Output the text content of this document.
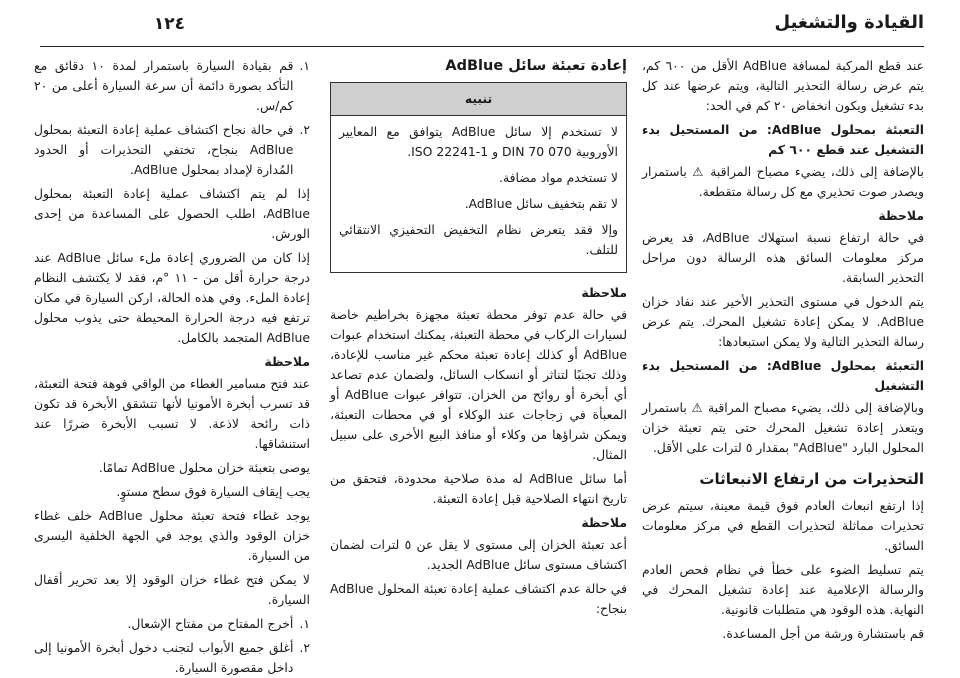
١٢٤	القيادة والتشغيل

عند قطع المركبة لمسافة AdBlue الأقل من ٦٠٠ كم، يتم عرض رسالة التحذير التالية، ويتم عرضها عند كل بدء تشغيل ويكون انخفاض ٢٠ كم في الحد:

التعبئة بمحلول AdBlue: من المستحيل بدء التشغيل عند قطع ٦٠٠ كم

بالإضافة إلى ذلك، يضيء مصباح المراقبة ⚠ باستمرار ويصدر صوت تحذيري مع كل رسالة متقطعة.

ملاحظة

في حالة ارتفاع نسبة استهلاك AdBlue، قد يعرض مركز معلومات السائق هذه الرسالة دون مراحل التحذير السابقة.

يتم الدخول في مستوى التحذير الأخير عند نفاد خزان AdBlue. لا يمكن إعادة تشغيل المحرك. يتم عرض رسالة التحذير التالية ولا يمكن استبعادها:

التعبئة بمحلول AdBlue: من المستحيل بدء التشغيل

وبالإضافة إلى ذلك، يضيء مصباح المراقبة ⚠ باستمرار ويتعذر إعادة تشغيل المحرك حتى يتم تعبئة خزان المحلول البارد "AdBlue" بمقدار ٥ لترات على الأقل.

التحذيرات من ارتفاع الانبعاثات

إذا ارتفع انبعاث العادم فوق قيمة معينة، سيتم عرض تحذيرات مماثلة لتحذيرات القطع في مركز معلومات السائق.

يتم تسليط الضوء على خطأ في نظام فحص العادم والرسالة الإعلامية عند إعادة تشغيل المحرك في النهاية. هذه الوقود هي متطلبات قانونية.

قم باستشارة ورشة من أجل المساعدة.

إعادة تعبئة سائل AdBlue
تنبيه

لا تستخدم إلا سائل AdBlue يتوافق مع المعايير الأوروبية DIN 70 070 و ISO 22241-1.

لا تستخدم مواد مضافة.

لا تقم بتخفيف سائل AdBlue.

وإلا فقد يتعرض نظام التخفيض التحفيزي الانتقائي للتلف.

ملاحظة

في حالة عدم توفر محطة تعبئة مجهزة بخراطيم خاصة لسيارات الركاب في محطة التعبئة، يمكنك استخدام عبوات AdBlue أو كذلك إعادة تعبئة محكم غير مناسب للإعادة، وذلك تجنبًا لتناثر أو انسكاب السائل، ولضمان عدم تصاعد أي أبخرة أو روائح من الخزان. تتوافر عبوات AdBlue أو المعبأة في زجاجات عند الوكلاء أو في محطات التعبئة، ويمكن شراؤها من وكلاء أو منافذ البيع الأخرى على سبيل المثال.

أما سائل AdBlue له مدة صلاحية محدودة، فتحقق من تاريخ انتهاء الصلاحية قبل إعادة التعبئة.

ملاحظة

أعد تعبئة الخزان إلى مستوى لا يقل عن ٥ لترات لضمان اكتشاف مستوى سائل AdBlue الجديد.

في حالة عدم اكتشاف عملية إعادة تعبئة المحلول AdBlue بنجاح:

١.
قم بقيادة السيارة باستمرار لمدة ١٠ دقائق مع التأكد بصورة دائمة أن سرعة السيارة أعلى من ٢٠ كم/س.
٢.
في حالة نجاح اكتشاف عملية إعادة التعبئة بمحلول AdBlue بنجاح، تختفي التحذيرات أو الحدود المُدارة لإمداد بمحلول AdBlue.

إذا لم يتم اكتشاف عملية إعادة التعبئة بمحلول AdBlue، اطلب الحصول على المساعدة من إحدى الورش.

إذا كان من الضروري إعادة ملء سائل AdBlue عند درجة حرارة أقل من - ١١ °م، فقد لا يكتشف النظام إعادة الملء. وفي هذه الحالة، اركن السيارة في مكان ترتفع فيه درجة الحرارة المحيطة حتى يذوب محلول AdBlue المتجمد بالكامل.

ملاحظة

عند فتح مسامير الغطاء من الواقي فوهة فتحة التعبئة، قد تسرب أبخرة الأمونيا لأنها تتشقق الأبخرة قد تكون ذات رائحة لاذعة. لا تسبب الأبخرة ضررًا عند استنشاقها.

يوصى بتعبئة خزان محلول AdBlue تمامًا.

يجب إيقاف السيارة فوق سطح مستوٍ.

يوجد غطاء فتحة تعبئة محلول AdBlue خلف غطاء خزان الوقود والذي يوجد في الجهة الخلفية اليسرى من السيارة.

لا يمكن فتح غطاء خزان الوقود إلا بعد تحرير أقفال السيارة.

١.
أخرج المفتاح من مفتاح الإشعال.
٢.
أغلق جميع الأبواب لتجنب دخول أبخرة الأمونيا إلى داخل مقصورة السيارة.
